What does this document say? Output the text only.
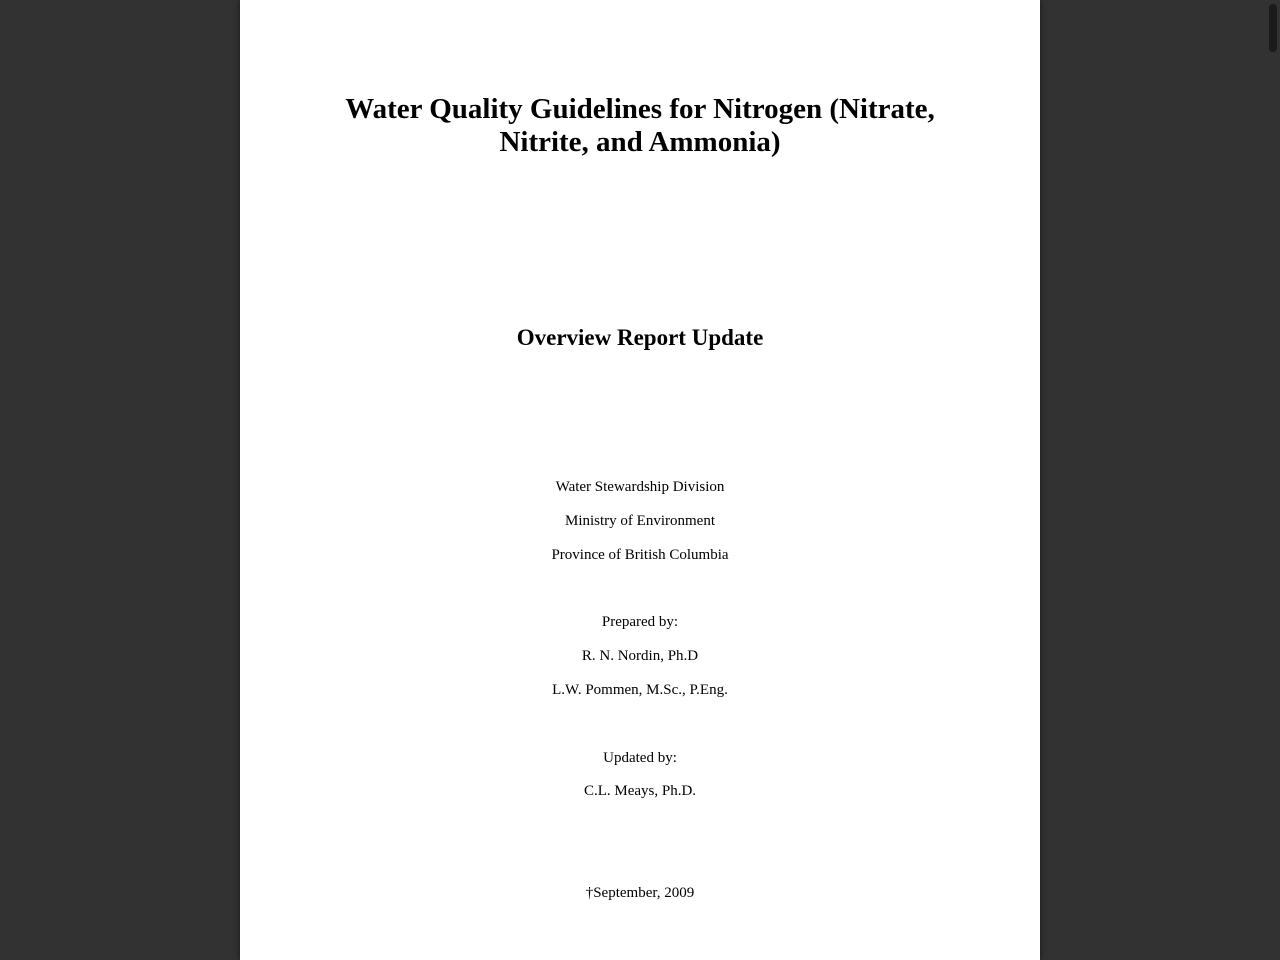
Water Quality Guidelines for Nitrogen (Nitrate,
Nitrite, and Ammonia)
Overview Report Update

Water Stewardship Division

Ministry of Environment

Province of British Columbia

Prepared by:

R. N. Nordin, Ph.D

L.W. Pommen, M.Sc., P.Eng.

Updated by:

C.L. Meays, Ph.D.

†September, 2009
